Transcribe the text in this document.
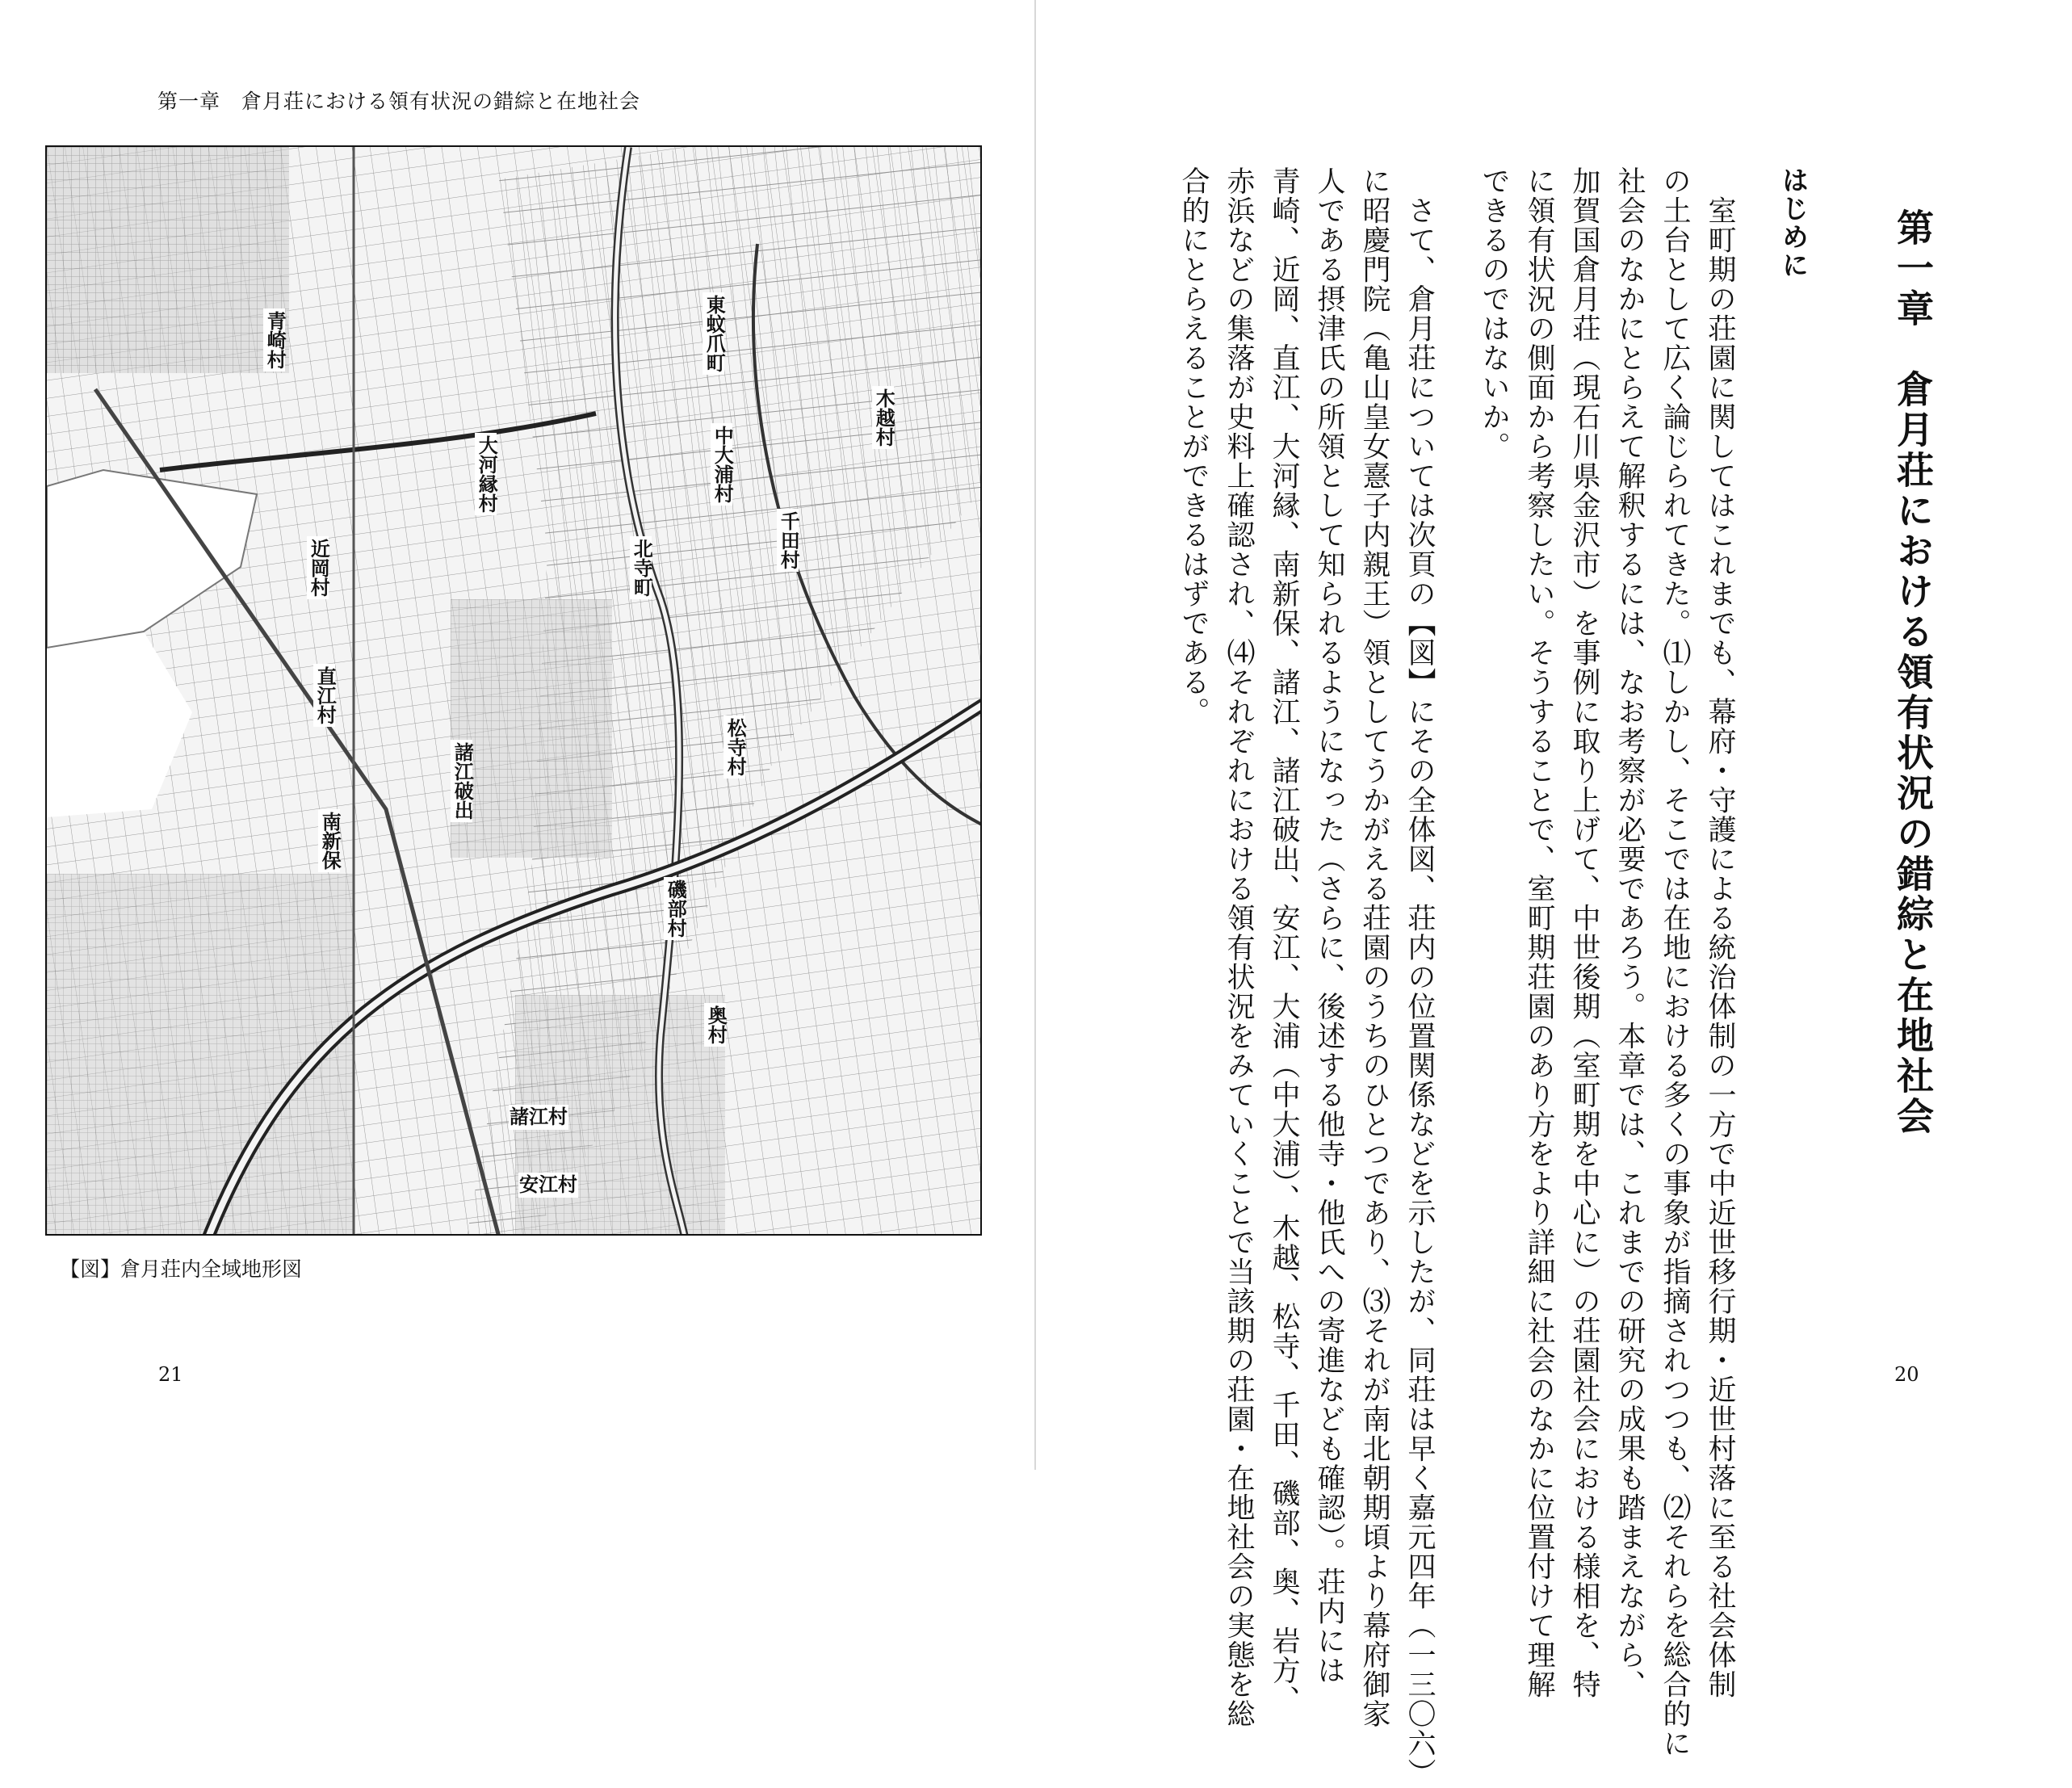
第一章　倉月荘における領有状況の錯綜と在地社会
青崎村	東蚊爪町
中大浦村
木越村
大河縁村
千田村
北寺町
近岡村
直江村
松寺村
諸江破出
南新保
磯部村
奥村
諸江村
安江村
【図】倉月荘内全域地形図
21
第一章　倉月荘における領有状況の錯綜と在地社会
はじめに
　室町期の荘園に関してはこれまでも、幕府・守護による統治体制の一方で中近世移行期・近世村落に至る社会体制
の土台として広く論じられてきた。⑴しかし、そこでは在地における多くの事象が指摘されつつも、⑵それらを総合的に
社会のなかにとらえて解釈するには、なお考察が必要であろう。本章では、これまでの研究の成果も踏まえながら、
加賀国倉月荘（現石川県金沢市）を事例に取り上げて、中世後期（室町期を中心に）の荘園社会における様相を、特
に領有状況の側面から考察したい。そうすることで、室町期荘園のあり方をより詳細に社会のなかに位置付けて理解
できるのではないか。
　さて、倉月荘については次頁の【図】にその全体図、荘内の位置関係などを示したが、同荘は早く嘉元四年（一三〇六）
に昭慶門院（亀山皇女憙子内親王）領としてうかがえる荘園のうちのひとつであり、⑶それが南北朝期頃より幕府御家
人である摂津氏の所領として知られるようになった（さらに、後述する他寺・他氏への寄進なども確認）。荘内には
青崎、近岡、直江、大河縁、南新保、諸江、諸江破出、安江、大浦（中大浦）、木越、松寺、千田、磯部、奥、岩方、
赤浜などの集落が史料上確認され、⑷それぞれにおける領有状況をみていくことで当該期の荘園・在地社会の実態を総
合的にとらえることができるはずである。
20
